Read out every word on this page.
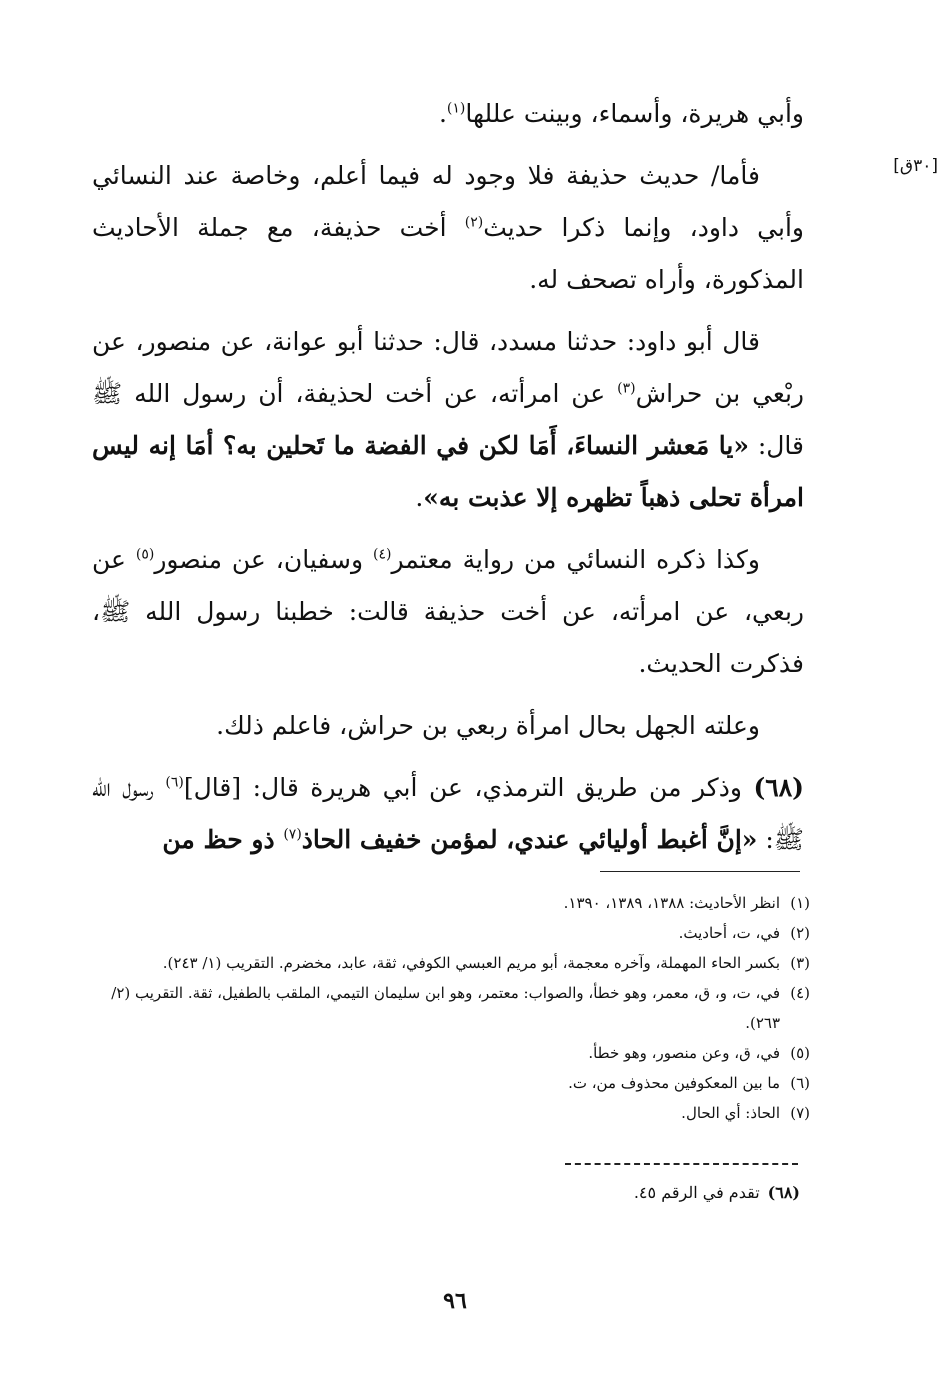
[٣٠ق]

وأبي هريرة، وأسماء، وبينت عللها$^{(١)}$.

فأما/ حديث حذيفة فلا وجود له فيما أعلم، وخاصة عند النسائي وأبي داود، وإنما ذكرا حديث$^{(٢)}$ أخت حذيفة، مع جملة الأحاديث المذكورة، وأراه تصحف له.

قال أبو داود: حدثنا مسدد، قال: حدثنا أبو عوانة، عن منصور، عن ربْعي بن حراش$^{(٣)}$ عن امرأته، عن أخت لحذيفة، أن رسول الله ﷺ قال: «يا مَعشر النساءَ، أَمَا لكن في الفضة ما تَحلين به؟ أمَا إنه ليس امرأة تحلى ذهباً تظهره إلا عذبت به».

وكذا ذكره النسائي من رواية معتمر$^{(٤)}$ وسفيان، عن منصور$^{(٥)}$ عن ربعي، عن امرأته، عن أخت حذيفة قالت: خطبنا رسول الله ﷺ، فذكرت الحديث.

وعلته الجهل بحال امرأة ربعي بن حراش، فاعلم ذلك.

(٦٨) وذكر من طريق الترمذي، عن أبي هريرة قال: [قال]$^{(٦)}$ رسول الله ﷺ: «إنَّ أغبط أوليائي عندي، لمؤمن خفيف الحاذ$^{(٧)}$ ذو حظ من

(١)
انظر الأحاديث: ١٣٨٨، ١٣٨٩، ١٣٩٠.
(٢)
في، ت، أحاديث.
(٣)
بكسر الحاء المهملة، وآخره معجمة، أبو مريم العبسي الكوفي، ثقة، عابد، مخضرم. التقريب (١/ ٢٤٣).
(٤)
في، ت، و، ق، معمر، وهو خطأ، والصواب: معتمر، وهو ابن سليمان التيمي، الملقب بالطفيل، ثقة. التقريب (٢/ ٢٦٣).
(٥)
في، ق، وعن منصور، وهو خطأ.
(٦)
ما بين المعكوفين محذوف من، ت.
(٧)
الحاذ: أي الحال.
(٦٨)تقدم في الرقم ٤٥.
٩٦
